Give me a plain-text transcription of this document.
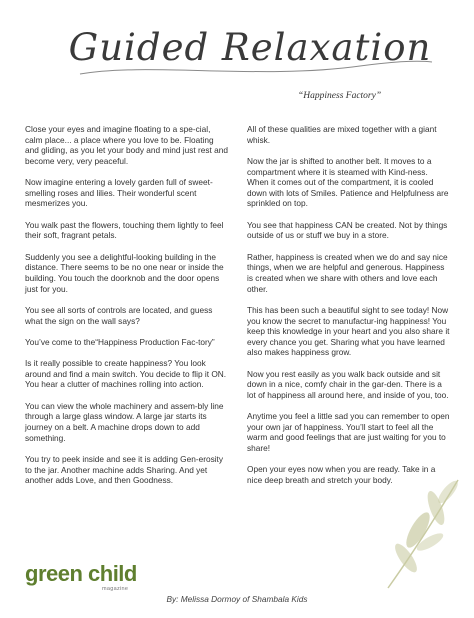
Guided Relaxation
“Happiness Factory”

Close your eyes and imagine floating to a spe-cial, calm place... a place where you love to be. Floating and gliding, as you let your body and mind just rest and become very, very peaceful.

Now imagine entering a lovely garden full of sweet-smelling roses and lilies. Their wonderful scent mesmerizes you.

You walk past the flowers, touching them lightly to feel their soft, fragrant petals.

Suddenly you see a delightful-looking building in the distance. There seems to be no one near or inside the building. You touch the doorknob and the door opens just for you.

You see all sorts of controls are located, and guess what the sign on the wall says?

You’ve come to the“Happiness Production Fac-tory”

Is it really possible to create happiness? You look around and find a main switch. You decide to flip it ON. You hear a clutter of machines rolling into action.

You can view the whole machinery and assem-bly line through a large glass window. A large jar starts its journey on a belt. A machine drops down to add something.

You try to peek inside and see it is adding Gen-erosity to the jar. Another machine adds Sharing. And yet another adds Love, and then Goodness.

All of these qualities are mixed together with a giant whisk.

Now the jar is shifted to another belt. It moves to a compartment where it is steamed with Kind-ness. When it comes out of the compartment, it is cooled down with lots of Smiles. Patience and Helpfulness are sprinkled on top.

You see that happiness CAN be created. Not by things outside of us or stuff we buy in a store.

Rather, happiness is created when we do and say nice things, when we are helpful and generous. Happiness is created when we share with others and love each other.

This has been such a beautiful sight to see today! Now you know the secret to manufactur-ing happiness! You keep this knowledge in your heart and you also share it every chance you get. Sharing what you have learned also makes happiness grow.

Now you rest easily as you walk back outside and sit down in a nice, comfy chair in the gar-den. There is a lot of happiness all around here, and inside of you, too.

Anytime you feel a little sad you can remember to open your own jar of happiness. You’ll start to feel all the warm and good feelings that are just waiting for you to share!

Open your eyes now when you are ready. Take in a nice deep breath and stretch your body.

green child
magazine
By: Melissa Dormoy of Shambala Kids
